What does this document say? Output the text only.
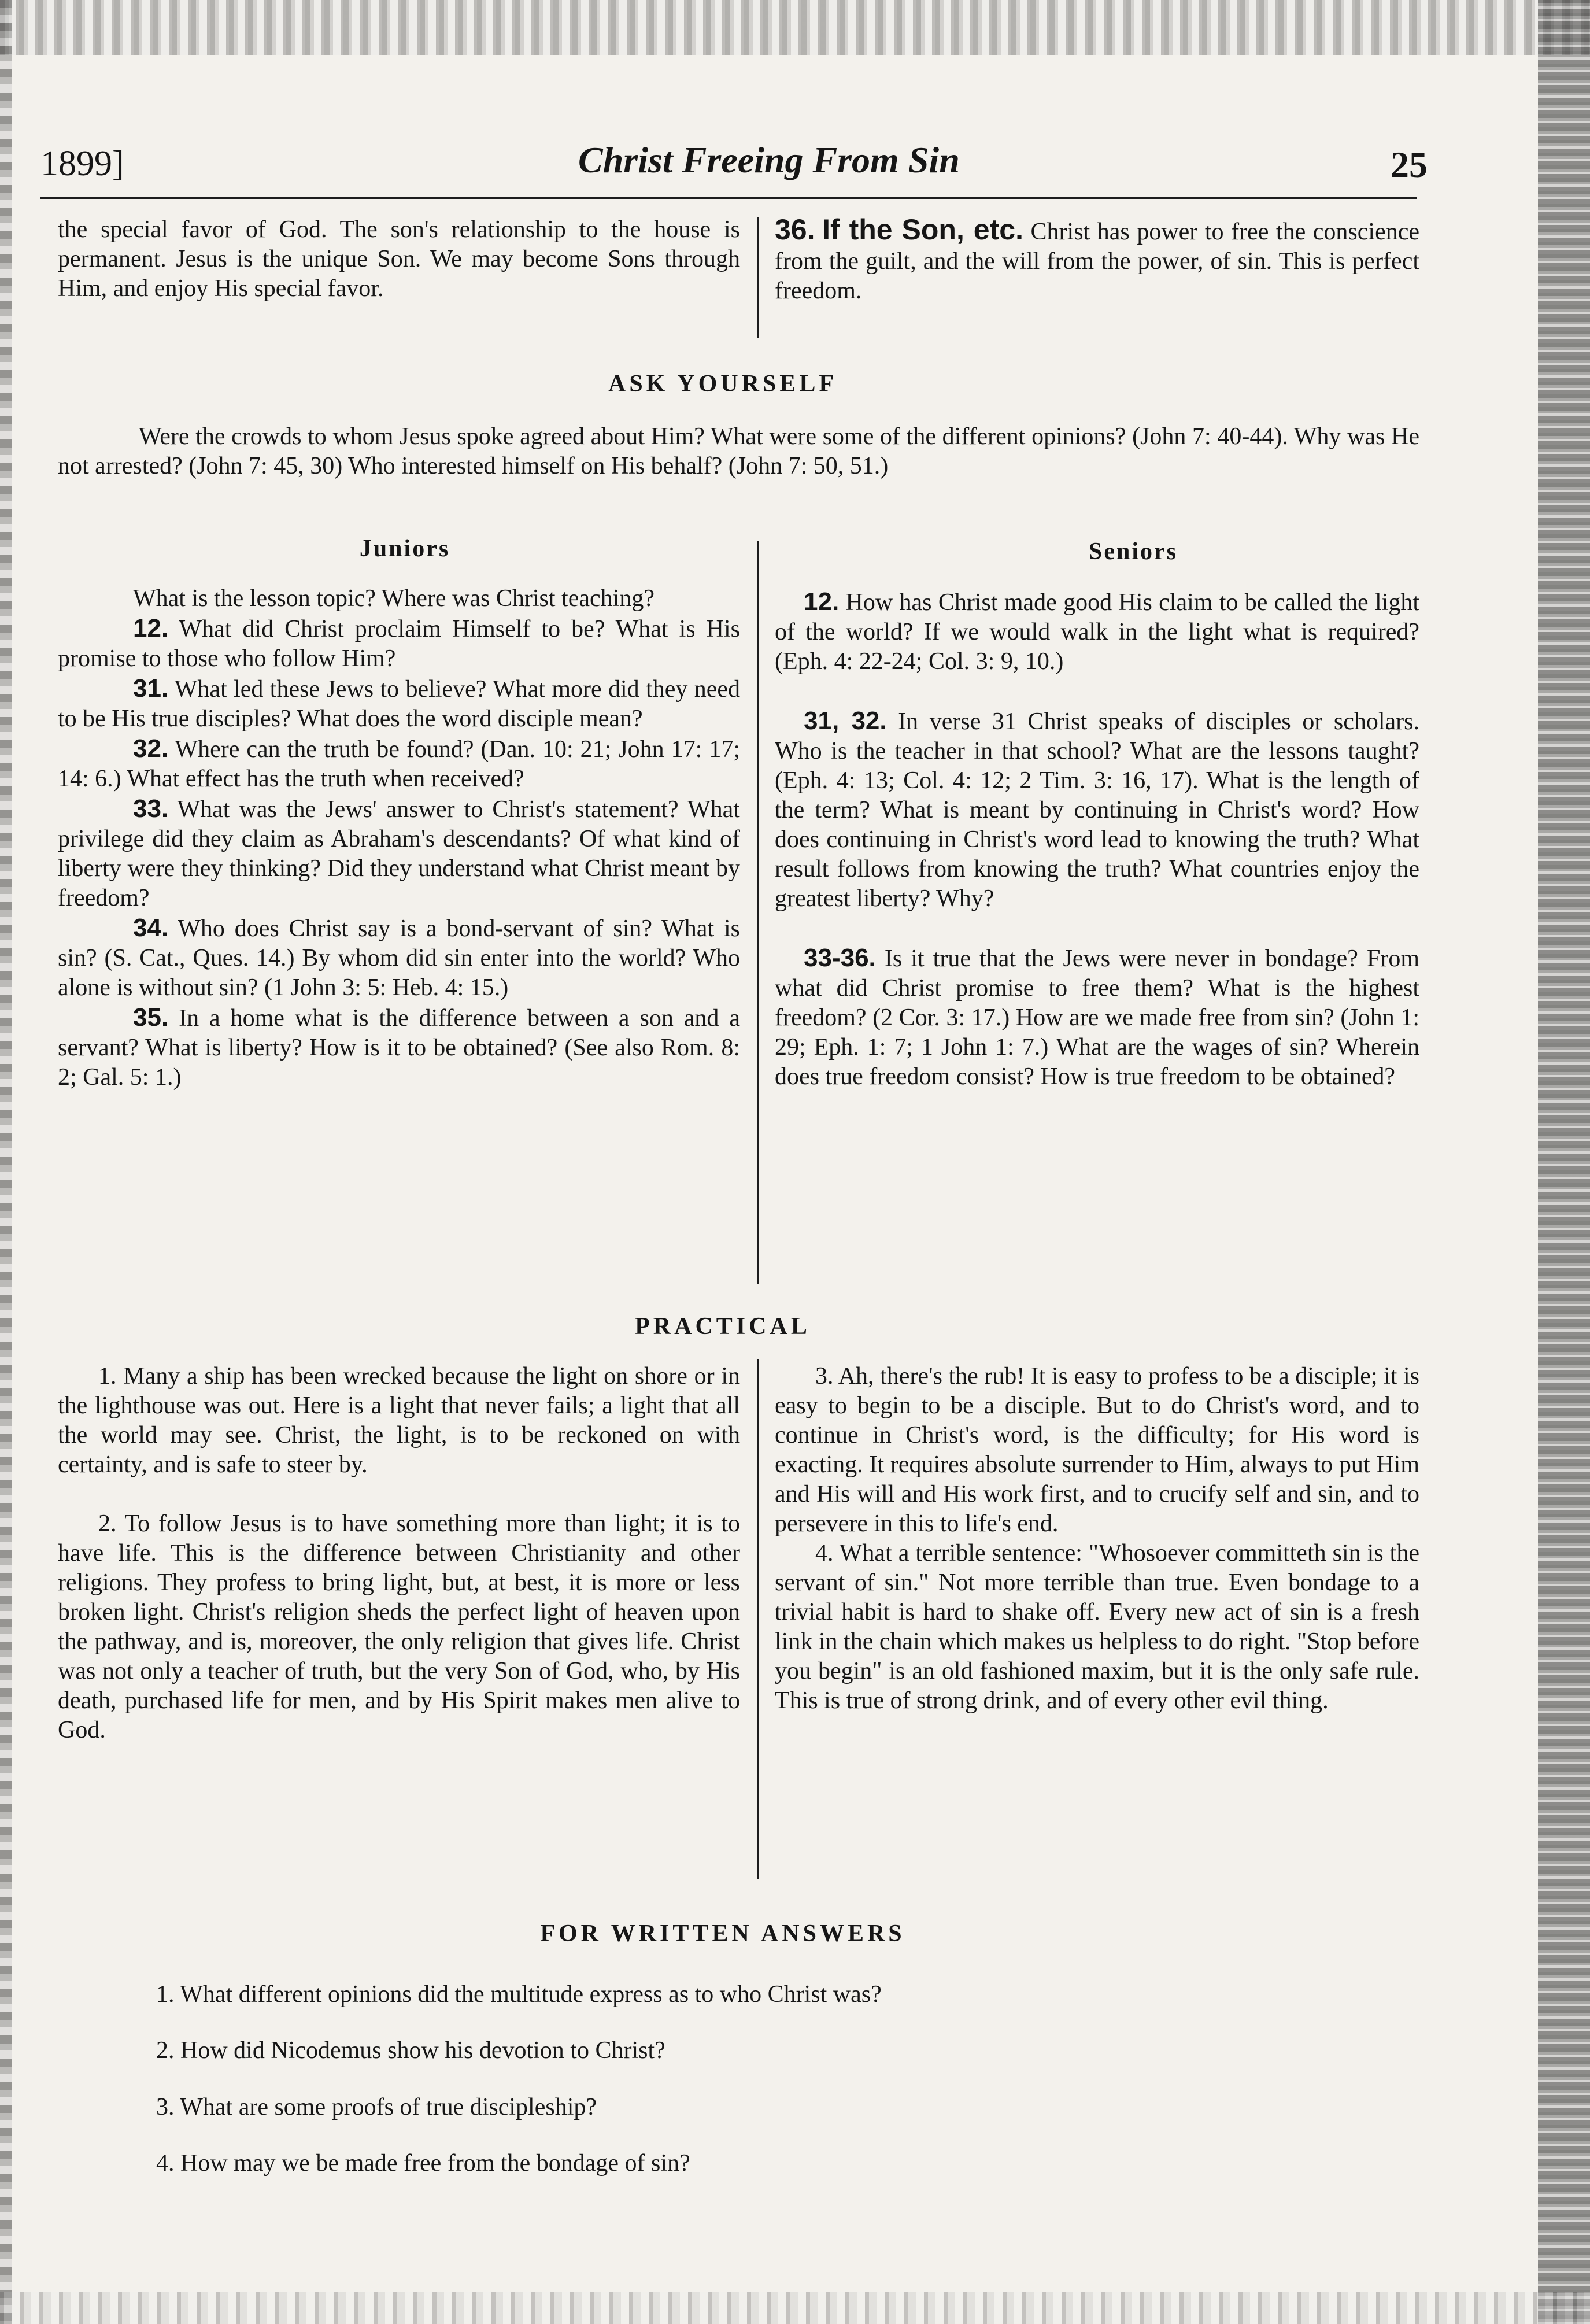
1899]	Christ Freeing From Sin	25

the special favor of God. The son's relationship to the house is permanent. Jesus is the unique Son. We may become Sons through Him, and enjoy His special favor.

36. If the Son, etc. Christ has power to free the conscience from the guilt, and the will from the power, of sin. This is perfect freedom.

ASK YOURSELF

Were the crowds to whom Jesus spoke agreed about Him? What were some of the different opinions? (John 7: 40-44). Why was He not arrested? (John 7: 45, 30) Who interested himself on His behalf? (John 7: 50, 51.)

Juniors	Seniors

What is the lesson topic? Where was Christ teaching?

12. What did Christ proclaim Himself to be? What is His promise to those who follow Him?

31. What led these Jews to believe? What more did they need to be His true disciples? What does the word disciple mean?

32. Where can the truth be found? (Dan. 10: 21; John 17: 17; 14: 6.) What effect has the truth when received?

33. What was the Jews' answer to Christ's statement? What privilege did they claim as Abraham's descendants? Of what kind of liberty were they thinking? Did they understand what Christ meant by freedom?

34. Who does Christ say is a bond-servant of sin? What is sin? (S. Cat., Ques. 14.) By whom did sin enter into the world? Who alone is without sin? (1 John 3: 5: Heb. 4: 15.)

35. In a home what is the difference between a son and a servant? What is liberty? How is it to be obtained? (See also Rom. 8: 2; Gal. 5: 1.)

12. How has Christ made good His claim to be called the light of the world? If we would walk in the light what is required? (Eph. 4: 22-24; Col. 3: 9, 10.)

31, 32. In verse 31 Christ speaks of disciples or scholars. Who is the teacher in that school? What are the lessons taught? (Eph. 4: 13; Col. 4: 12; 2 Tim. 3: 16, 17). What is the length of the term? What is meant by continuing in Christ's word? How does continuing in Christ's word lead to knowing the truth? What result follows from knowing the truth? What countries enjoy the greatest liberty? Why?

33-36. Is it true that the Jews were never in bondage? From what did Christ promise to free them? What is the highest freedom? (2 Cor. 3: 17.) How are we made free from sin? (John 1: 29; Eph. 1: 7; 1 John 1: 7.) What are the wages of sin? Wherein does true freedom consist? How is true freedom to be obtained?

PRACTICAL

1. Many a ship has been wrecked because the light on shore or in the lighthouse was out. Here is a light that never fails; a light that all the world may see. Christ, the light, is to be reckoned on with certainty, and is safe to steer by.

2. To follow Jesus is to have something more than light; it is to have life. This is the difference between Christianity and other religions. They profess to bring light, but, at best, it is more or less broken light. Christ's religion sheds the perfect light of heaven upon the pathway, and is, moreover, the only religion that gives life. Christ was not only a teacher of truth, but the very Son of God, who, by His death, purchased life for men, and by His Spirit makes men alive to God.

3. Ah, there's the rub! It is easy to profess to be a disciple; it is easy to begin to be a disciple. But to do Christ's word, and to continue in Christ's word, is the difficulty; for His word is exacting. It requires absolute surrender to Him, always to put Him and His will and His work first, and to crucify self and sin, and to persevere in this to life's end.

4. What a terrible sentence: "Whosoever committeth sin is the servant of sin." Not more terrible than true. Even bondage to a trivial habit is hard to shake off. Every new act of sin is a fresh link in the chain which makes us helpless to do right. "Stop before you begin" is an old fashioned maxim, but it is the only safe rule. This is true of strong drink, and of every other evil thing.

FOR WRITTEN ANSWERS
1. What different opinions did the multitude express as to who Christ was?
2. How did Nicodemus show his devotion to Christ?
3. What are some proofs of true discipleship?
4. How may we be made free from the bondage of sin?
